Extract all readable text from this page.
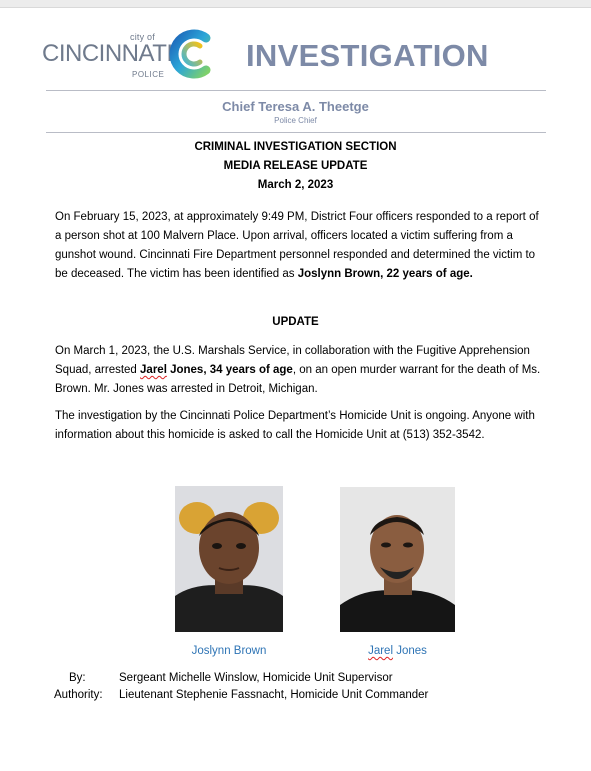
city of
CINCINNATI
POLICE
INVESTIGATION
Chief Teresa A. Theetge
Police Chief
CRIMINAL INVESTIGATION SECTION
MEDIA RELEASE UPDATE
March 2, 2023
On February 15, 2023, at approximately 9:49 PM, District Four officers responded to a report of a person shot at 100 Malvern Place. Upon arrival, officers located a victim suffering from a gunshot wound. Cincinnati Fire Department personnel responded and determined the victim to be deceased. The victim has been identified as Joslynn Brown, 22 years of age.
UPDATE
On March 1, 2023, the U.S. Marshals Service, in collaboration with the Fugitive Apprehension Squad, arrested Jarel Jones, 34 years of age, on an open murder warrant for the death of Ms. Brown. Mr. Jones was arrested in Detroit, Michigan.
The investigation by the Cincinnati Police Department’s Homicide Unit is ongoing. Anyone with information about this homicide is asked to call the Homicide Unit at (513) 352-3542.
Joslynn Brown	Jarel Jones
By:	Sergeant Michelle Winslow, Homicide Unit Supervisor
Authority: Lieutenant Stephenie Fassnacht, Homicide Unit Commander
